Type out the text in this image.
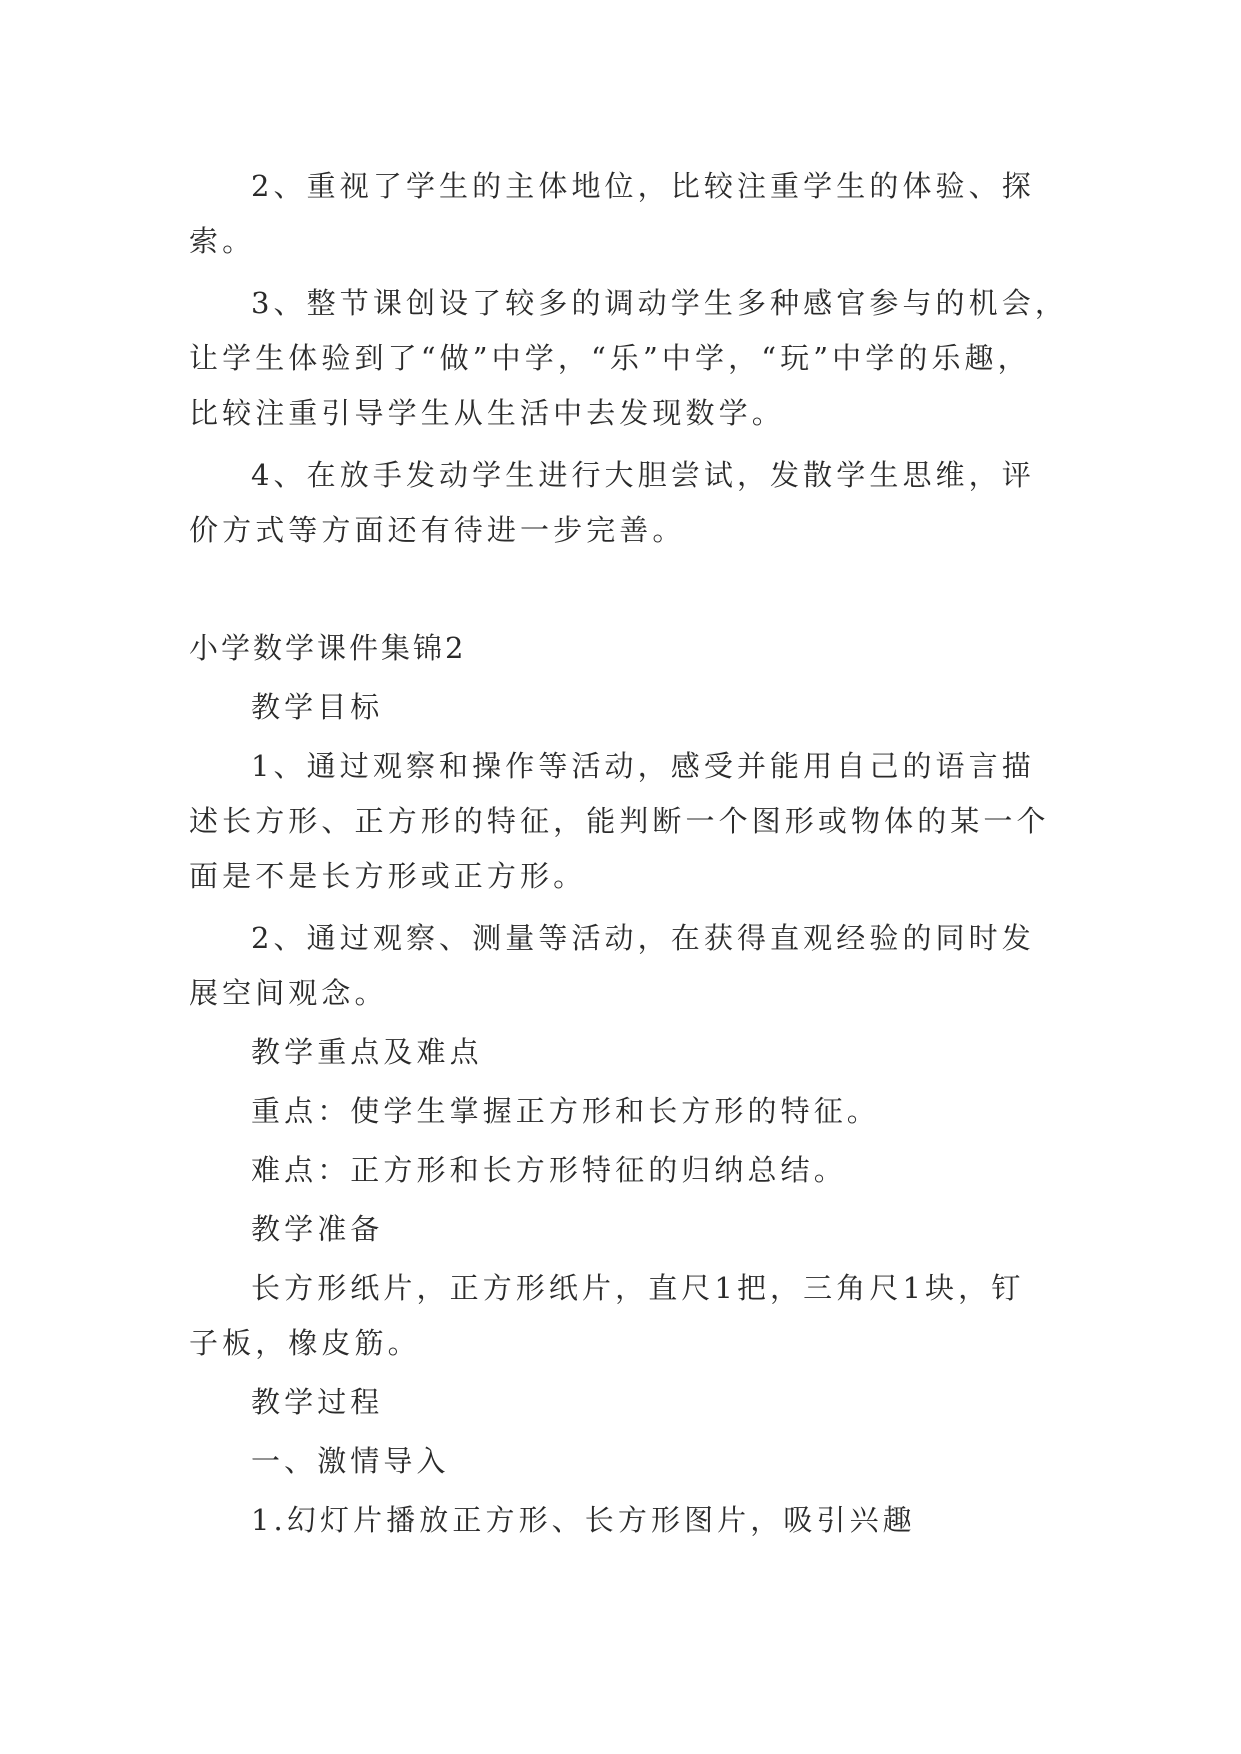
2、重视了学生的主体地位，比较注重学生的体验、探
索。
3、整节课创设了较多的调动学生多种感官参与的机会，
让学生体验到了“做”中学，“乐”中学，“玩”中学的乐趣，
比较注重引导学生从生活中去发现数学。
4、在放手发动学生进行大胆尝试，发散学生思维，评
价方式等方面还有待进一步完善。
小学数学课件集锦2
教学目标
1、通过观察和操作等活动，感受并能用自己的语言描
述长方形、正方形的特征，能判断一个图形或物体的某一个
面是不是长方形或正方形。
2、通过观察、测量等活动，在获得直观经验的同时发
展空间观念。
教学重点及难点
重点：使学生掌握正方形和长方形的特征。
难点：正方形和长方形特征的归纳总结。
教学准备
长方形纸片，正方形纸片，直尺1把，三角尺1块，钉
子板，橡皮筋。
教学过程
一、激情导入
1.幻灯片播放正方形、长方形图片，吸引兴趣
